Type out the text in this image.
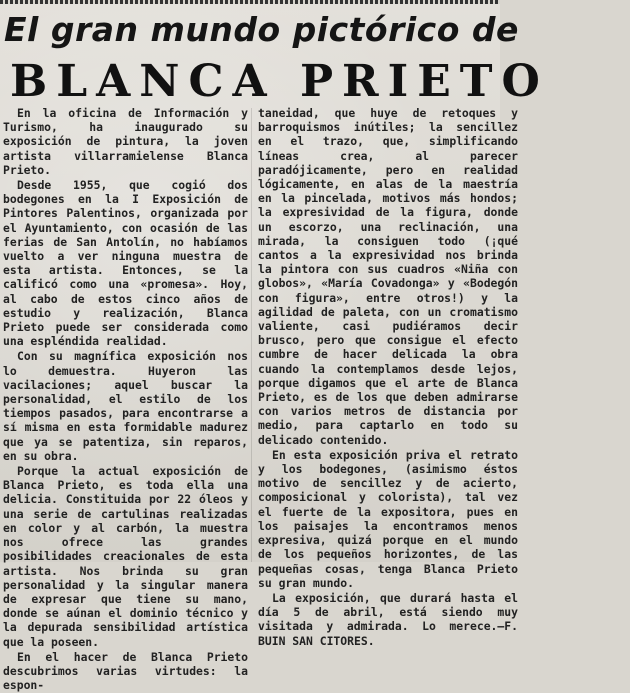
El gran mundo pictórico de
BLANCA PRIETO

En la oficina de Información y Turismo, ha inaugurado su exposición de pintura, la joven artista villarramielense Blanca Prieto.

Desde 1955, que cogió dos bodegones en la I Exposición de Pintores Palentinos, organizada por el Ayuntamiento, con ocasión de las ferias de San Antolín, no habíamos vuelto a ver ninguna muestra de esta artista. Entonces, se la calificó como una «promesa». Hoy, al cabo de estos cinco años de estudio y realización, Blanca Prieto puede ser considerada como una espléndida realidad.

Con su magnífica exposición nos lo demuestra. Huyeron las vacilaciones; aquel buscar la personalidad, el estilo de los tiempos pasados, para encontrarse a sí misma en esta formidable madurez que ya se patentiza, sin reparos, en su obra.

Porque la actual exposición de Blanca Prieto, es toda ella una delicia. Constituida por 22 óleos y una serie de cartulinas realizadas en color y al carbón, la muestra nos ofrece las grandes posibilidades creacionales de esta artista. Nos brinda su gran personalidad y la singular manera de expresar que tiene su mano, donde se aúnan el dominio técnico y la depurada sensibilidad artística que la poseen.

En el hacer de Blanca Prieto descubrimos varias virtudes: la espon-

taneidad, que huye de retoques y barroquismos inútiles; la sencillez en el trazo, que, simplificando líneas crea, al parecer paradójicamente, pero en realidad lógicamente, en alas de la maestría en la pincelada, motivos más hondos; la expresividad de la figura, donde un escorzo, una reclinación, una mirada, la consiguen todo (¡qué cantos a la expresividad nos brinda la pintora con sus cuadros «Niña con globos», «María Covadonga» y «Bodegón con figura», entre otros!) y la agilidad de paleta, con un cromatismo valiente, casi pudiéramos decir brusco, pero que consigue el efecto cumbre de hacer delicada la obra cuando la contemplamos desde lejos, porque digamos que el arte de Blanca Prieto, es de los que deben admirarse con varios metros de distancia por medio, para captarlo en todo su delicado contenido.

En esta exposición priva el retrato y los bodegones, (asimismo éstos motivo de sencillez y de acierto, composicional y colorista), tal vez el fuerte de la expositora, pues en los paisajes la encontramos menos expresiva, quizá porque en el mundo de los pequeños horizontes, de las pequeñas cosas, tenga Blanca Prieto su gran mundo.

La exposición, que durará hasta el día 5 de abril, está siendo muy visitada y admirada. Lo merece.—F. BUIN SAN CITORES.
